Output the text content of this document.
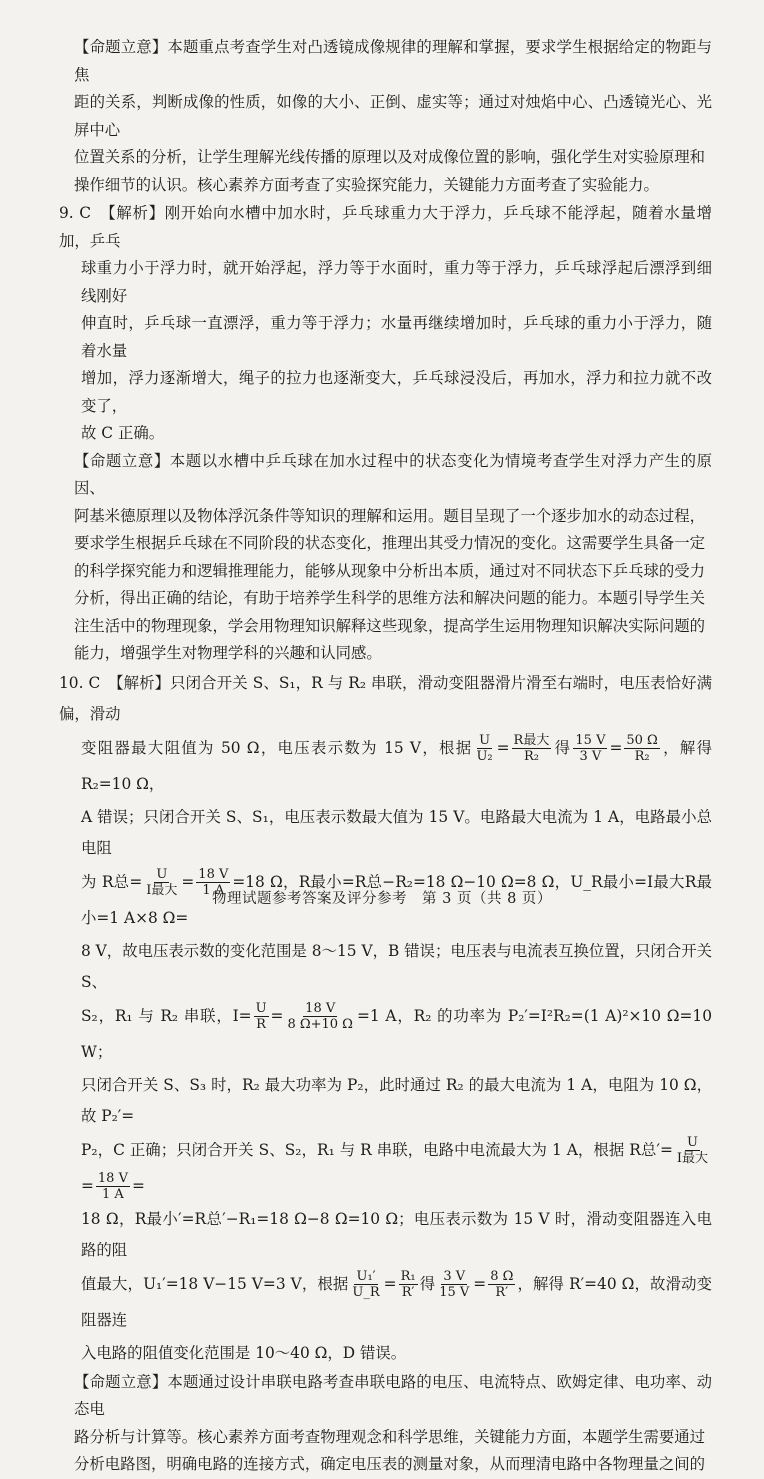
【命题立意】本题重点考查学生对凸透镜成像规律的理解和掌握，要求学生根据给定的物距与焦

距的关系，判断成像的性质，如像的大小、正倒、虚实等；通过对烛焰中心、凸透镜光心、光屏中心

位置关系的分析，让学生理解光线传播的原理以及对成像位置的影响，强化学生对实验原理和

操作细节的认识。核心素养方面考查了实验探究能力，关键能力方面考查了实验能力。

9. C　【解析】刚开始向水槽中加水时，乒乓球重力大于浮力，乒乓球不能浮起，随着水量增加，乒乓

球重力小于浮力时，就开始浮起，浮力等于水面时，重力等于浮力，乒乓球浮起后漂浮到细线刚好

伸直时，乒乓球一直漂浮，重力等于浮力；水量再继续增加时，乒乓球的重力小于浮力，随着水量

增加，浮力逐渐增大，绳子的拉力也逐渐变大，乒乓球浸没后，再加水，浮力和拉力就不改变了，

故 C 正确。

【命题立意】本题以水槽中乒乓球在加水过程中的状态变化为情境考查学生对浮力产生的原因、

阿基米德原理以及物体浮沉条件等知识的理解和运用。题目呈现了一个逐步加水的动态过程，

要求学生根据乒乓球在不同阶段的状态变化，推理出其受力情况的变化。这需要学生具备一定

的科学探究能力和逻辑推理能力，能够从现象中分析出本质，通过对不同状态下乒乓球的受力

分析，得出正确的结论，有助于培养学生科学的思维方法和解决问题的能力。本题引导学生关

注生活中的物理现象，学会用物理知识解释这些现象，提高学生运用物理知识解决实际问题的

能力，增强学生对物理学科的兴趣和认同感。

10. C　【解析】只闭合开关 S、S₁，R 与 R₂ 串联，滑动变阻器滑片滑至右端时，电压表恰好满偏，滑动

变阻器最大阻值为 50 Ω，电压表示数为 15 V，根据 $\frac{U}{\text{U₂}} = \frac{\text{R最大}}{\text{R₂}}$ 得 $\frac{15 V}{3 V} = \frac{50 \Omega}{\text{R₂}}$ ，解得 R₂=10 Ω，

A 错误；只闭合开关 S、S₁，电压表示数最大值为 15 V。电路最大电流为 1 A，电路最小总电阻

为 R总= $\frac{U}{\text{I最大}} = \frac{18 V}{1 A} =18$ Ω，R最小=R总−R₂=18 Ω−10 Ω=8 Ω，U_R最小=I最大R最小=1 A×8 Ω=

8 V，故电压表示数的变化范围是 8～15 V，B 错误；电压表与电流表互换位置，只闭合开关 S、

S₂，R₁ 与 R₂ 串联，$I= \frac{U}{R} = \frac{18 V}{8 \Omega+10 \Omega} =1$ A，R₂ 的功率为 P₂′=I²R₂=(1 A)²×10 Ω=10 W；

只闭合开关 S、S₃ 时，R₂ 最大功率为 P₂，此时通过 R₂ 的最大电流为 1 A，电阻为 10 Ω，故 P₂′=

P₂，C 正确；只闭合开关 S、S₂，R₁ 与 R 串联，电路中电流最大为 1 A，根据 R总′= $\frac{U}{\text{I最大}}$
= $\frac{18 V}{1 A}$ =

18 Ω，R最小′=R总′−R₁=18 Ω−8 Ω=10 Ω；电压表示数为 15 V 时，滑动变阻器连入电路的阻

值最大，U₁′=18 V−15 V=3 V，根据 $\frac{\text{U₁′}}{U\_R} = \frac{\text{R₁}}{R'}$ 得 $\frac{3 V}{15 V} = \frac{8 \Omega}{R'}$ ，解得 R′=40 Ω，故滑动变阻器连

入电路的阻值变化范围是 10～40 Ω，D 错误。

【命题立意】本题通过设计串联电路考查串联电路的电压、电流特点、欧姆定律、电功率、动态电

路分析与计算等。核心素养方面考查物理观念和科学思维，关键能力方面，本题学生需要通过

分析电路图，明确电路的连接方式，确定电压表的测量对象，从而理清电路中各物理量之间的

物理试题参考答案及评分参考　第 3 页（共 8 页）
